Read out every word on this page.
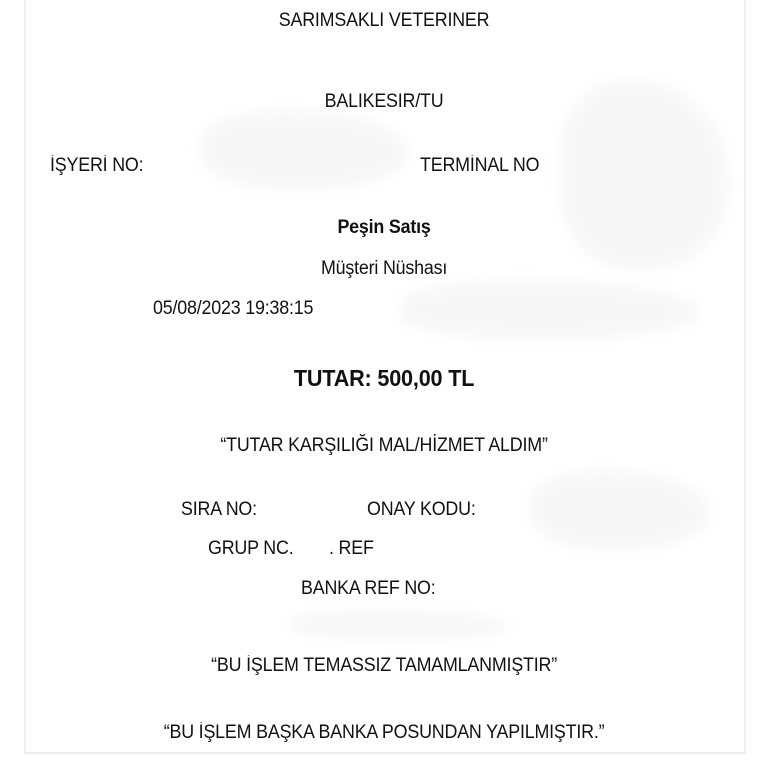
SARIMSAKLI VETERINER
BALIKESIR/TU
İŞYERİ NO:	TERMİNAL NO
Peşin Satış
Müşteri Nüshası
05/08/2023 19:38:15
TUTAR: 500,00 TL
“TUTAR KARŞILIĞI MAL/HİZMET ALDIM”
SIRA NO:	ONAY KODU:
GRUP NC. . REF
BANKA REF NO:
“BU İŞLEM TEMASSIZ TAMAMLANMIŞTIR”
“BU İŞLEM BAŞKA BANKA POSUNDAN YAPILMIŞTIR.”
